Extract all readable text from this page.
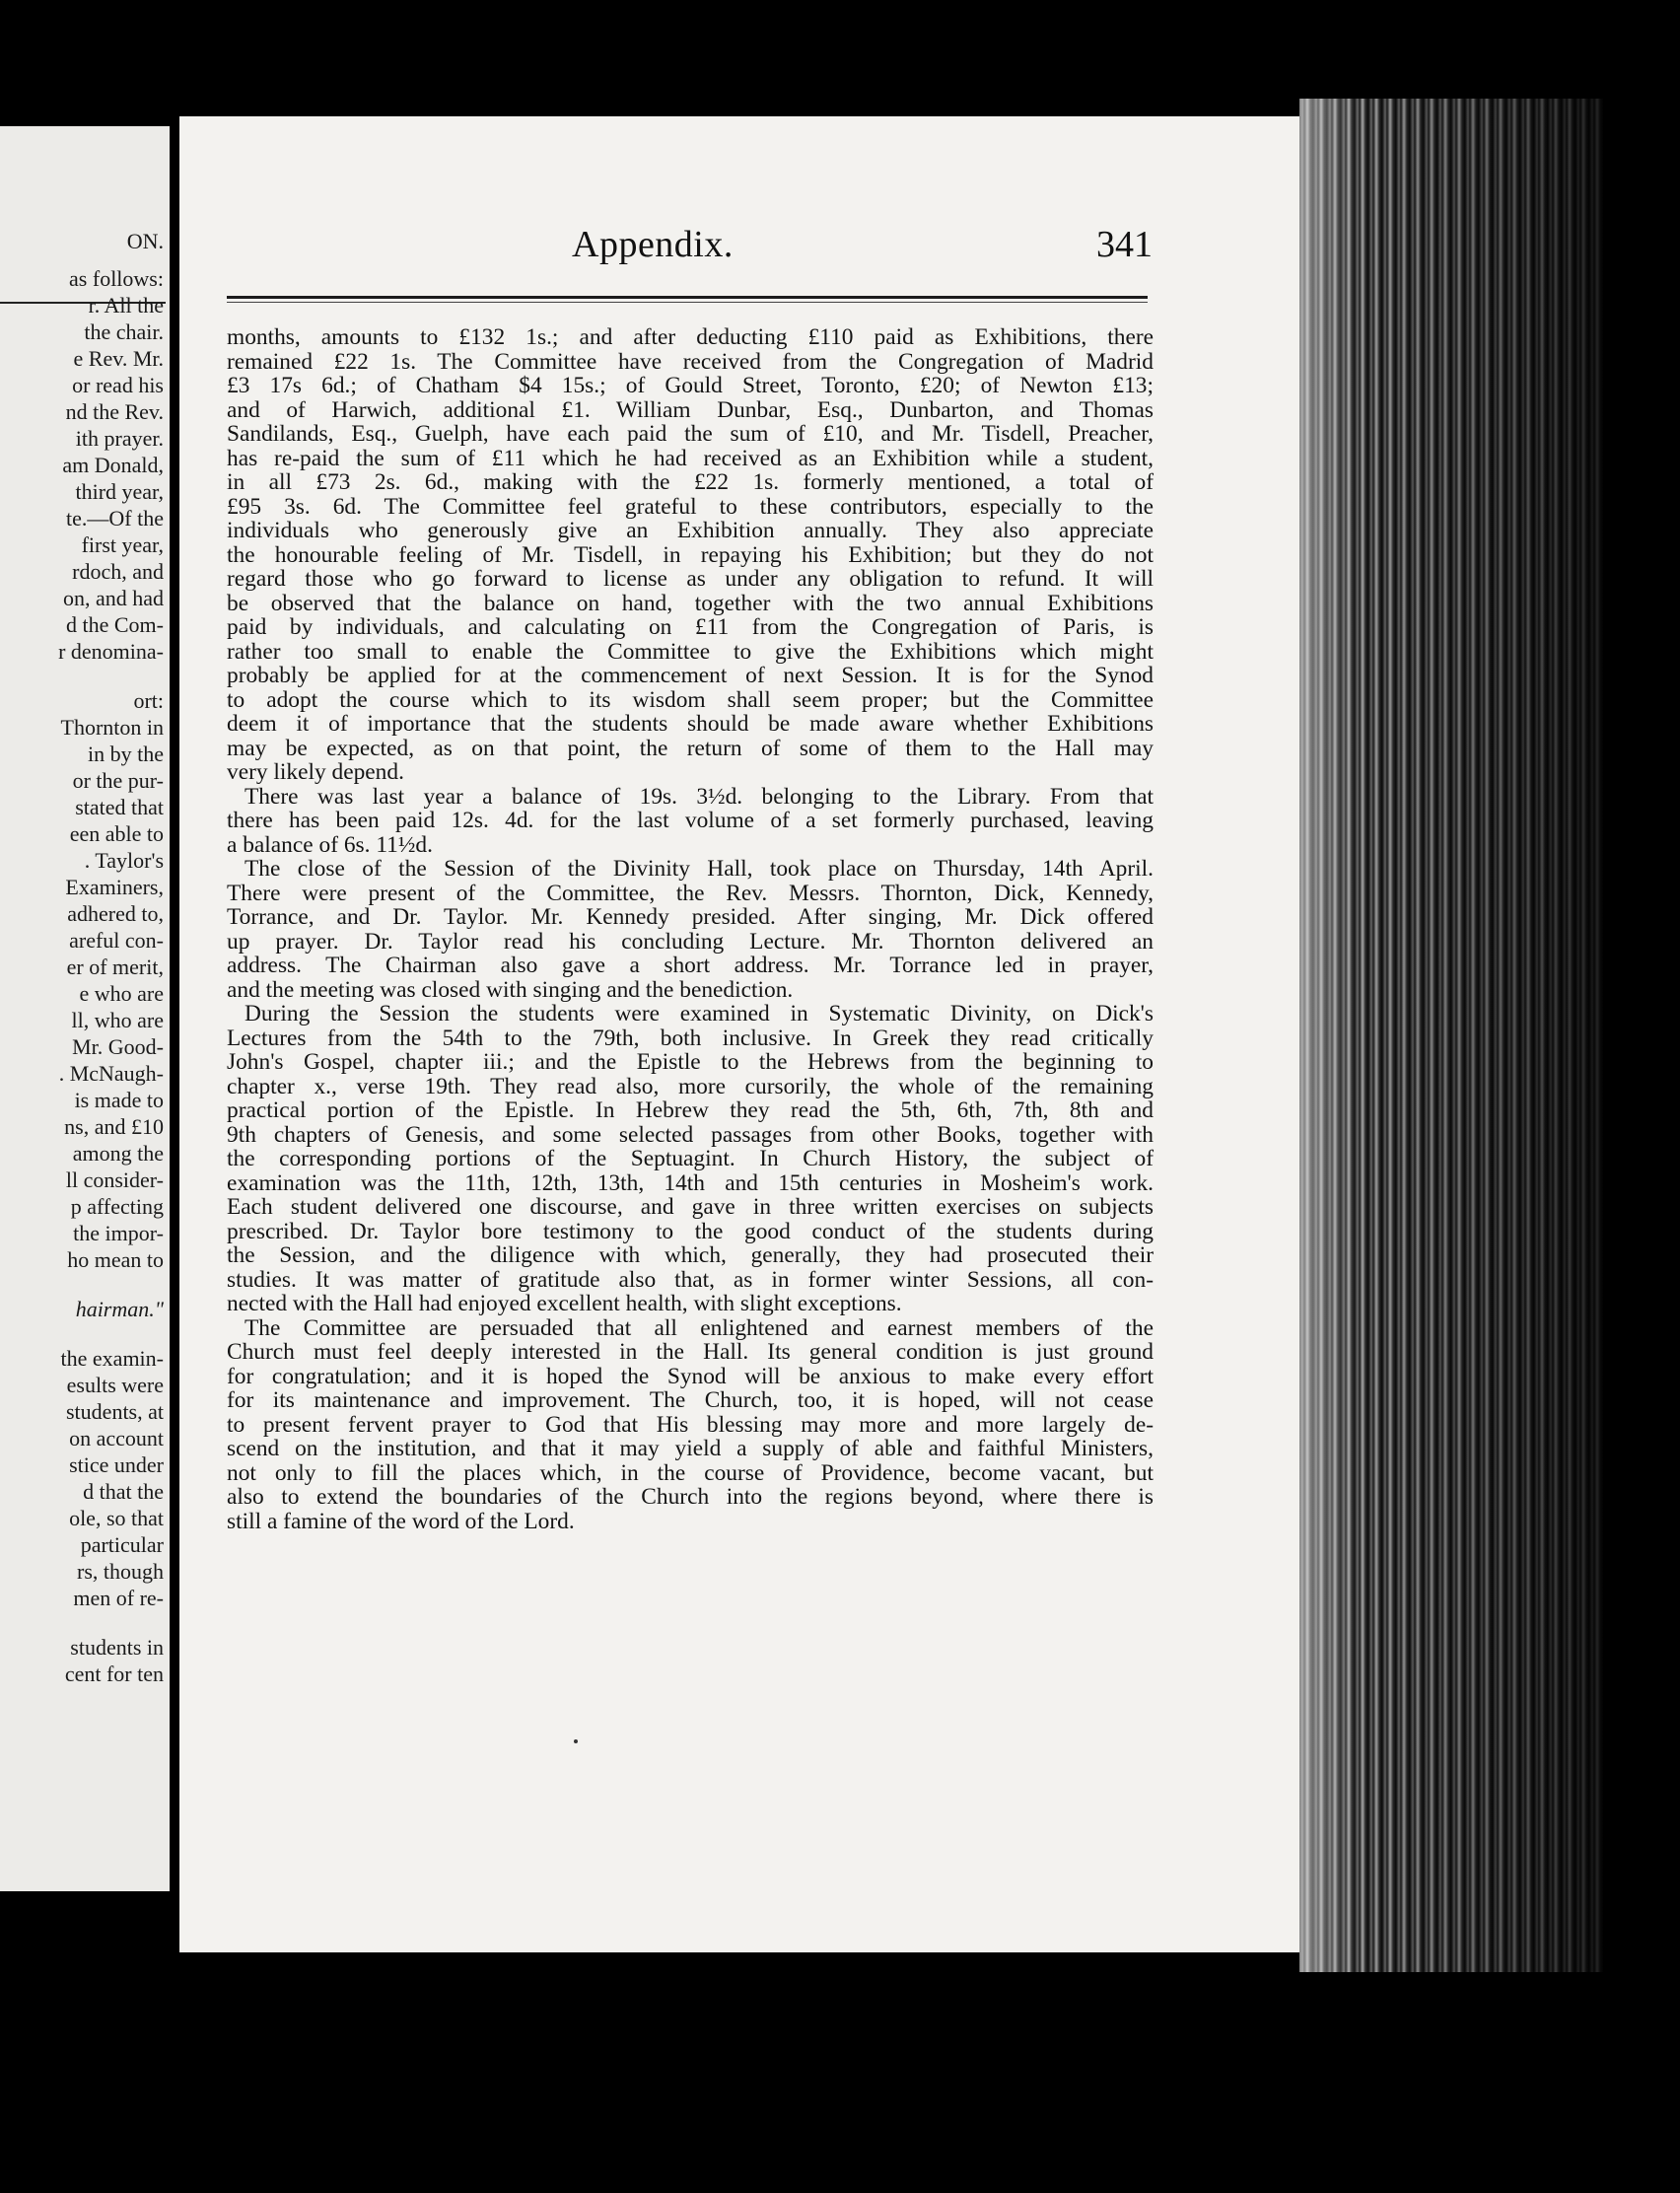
ON.
as follows:
r. All the
the chair.
e Rev. Mr.
or read his
nd the Rev.
ith prayer.
am Donald,
third year,
te.—Of the
first year,
rdoch, and
on, and had
d the Com-
r denomina-
ort:
Thornton in
in by the
or the pur-
stated that
een able to
. Taylor's
Examiners,
adhered to,
areful con-
er of merit,
e who are
ll, who are
Mr. Good-
. McNaugh-
is made to
ns, and £10
among the
ll consider-
p affecting
the impor-
ho mean to
hairman."
the examin-
esults were
students, at
on account
stice under
d that the
ole, so that
particular
rs, though
men of re-
students in
cent for ten
Appendix.	341
months, amounts to £132 1s.; and after deducting £110 paid as Exhibitions, there
remained £22 1s. The Committee have received from the Congregation of Madrid
£3 17s 6d.; of Chatham $4 15s.; of Gould Street, Toronto, £20; of Newton £13;
and of Harwich, additional £1. William Dunbar, Esq., Dunbarton, and Thomas
Sandilands, Esq., Guelph, have each paid the sum of £10, and Mr. Tisdell, Preacher,
has re-paid the sum of £11 which he had received as an Exhibition while a student,
in all £73 2s. 6d., making with the £22 1s. formerly mentioned, a total of
£95 3s. 6d. The Committee feel grateful to these contributors, especially to the
individuals who generously give an Exhibition annually. They also appreciate
the honourable feeling of Mr. Tisdell, in repaying his Exhibition; but they do not
regard those who go forward to license as under any obligation to refund. It will
be observed that the balance on hand, together with the two annual Exhibitions
paid by individuals, and calculating on £11 from the Congregation of Paris, is
rather too small to enable the Committee to give the Exhibitions which might
probably be applied for at the commencement of next Session. It is for the Synod
to adopt the course which to its wisdom shall seem proper; but the Committee
deem it of importance that the students should be made aware whether Exhibitions
may be expected, as on that point, the return of some of them to the Hall may
very likely depend.
There was last year a balance of 19s. 3½d. belonging to the Library. From that
there has been paid 12s. 4d. for the last volume of a set formerly purchased, leaving
a balance of 6s. 11½d.
The close of the Session of the Divinity Hall, took place on Thursday, 14th April.
There were present of the Committee, the Rev. Messrs. Thornton, Dick, Kennedy,
Torrance, and Dr. Taylor. Mr. Kennedy presided. After singing, Mr. Dick offered
up prayer. Dr. Taylor read his concluding Lecture. Mr. Thornton delivered an
address. The Chairman also gave a short address. Mr. Torrance led in prayer,
and the meeting was closed with singing and the benediction.
During the Session the students were examined in Systematic Divinity, on Dick's
Lectures from the 54th to the 79th, both inclusive. In Greek they read critically
John's Gospel, chapter iii.; and the Epistle to the Hebrews from the beginning to
chapter x., verse 19th. They read also, more cursorily, the whole of the remaining
practical portion of the Epistle. In Hebrew they read the 5th, 6th, 7th, 8th and
9th chapters of Genesis, and some selected passages from other Books, together with
the corresponding portions of the Septuagint. In Church History, the subject of
examination was the 11th, 12th, 13th, 14th and 15th centuries in Mosheim's work.
Each student delivered one discourse, and gave in three written exercises on subjects
prescribed. Dr. Taylor bore testimony to the good conduct of the students during
the Session, and the diligence with which, generally, they had prosecuted their
studies. It was matter of gratitude also that, as in former winter Sessions, all con-
nected with the Hall had enjoyed excellent health, with slight exceptions.
The Committee are persuaded that all enlightened and earnest members of the
Church must feel deeply interested in the Hall. Its general condition is just ground
for congratulation; and it is hoped the Synod will be anxious to make every effort
for its maintenance and improvement. The Church, too, it is hoped, will not cease
to present fervent prayer to God that His blessing may more and more largely de-
scend on the institution, and that it may yield a supply of able and faithful Ministers,
not only to fill the places which, in the course of Providence, become vacant, but
also to extend the boundaries of the Church into the regions beyond, where there is
still a famine of the word of the Lord.
